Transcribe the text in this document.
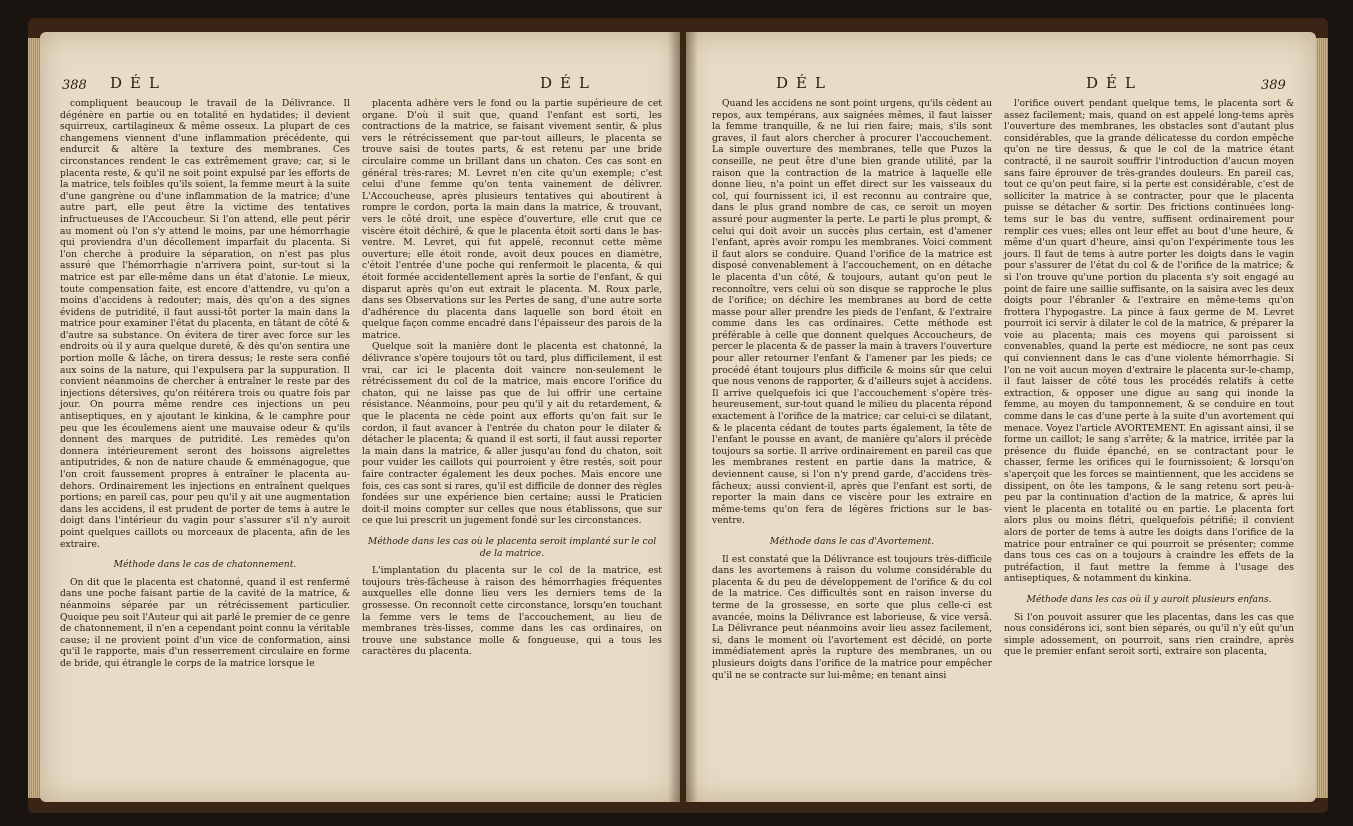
388 DÉL	DÉL

compliquent beaucoup le travail de la Délivrance. Il dégénère en partie ou en totalité en hydatides; il devient squirreux, cartilagineux & même osseux. La plupart de ces changemens viennent d'une inflammation précédente, qui endurcit & altère la texture des membranes. Ces circonstances rendent le cas extrêmement grave; car, si le placenta reste, & qu'il ne soit point expulsé par les efforts de la matrice, tels foibles qu'ils soient, la femme meurt à la suite d'une gangrène ou d'une inflammation de la matrice; d'une autre part, elle peut être la victime des tentatives infructueuses de l'Accoucheur. Si l'on attend, elle peut périr au moment où l'on s'y attend le moins, par une hémorrhagie qui proviendra d'un décollement imparfait du placenta. Si l'on cherche à produire la séparation, on n'est pas plus assuré que l'hémorrhagie n'arrivera point, sur-tout si la matrice est par elle-même dans un état d'atonie. Le mieux, toute compensation faite, est encore d'attendre, vu qu'on a moins d'accidens à redouter; mais, dès qu'on a des signes évidens de putridité, il faut aussi-tôt porter la main dans la matrice pour examiner l'état du placenta, en tâtant de côté & d'autre sa substance. On évitera de tirer avec force sur les endroits où il y aura quelque dureté, & dès qu'on sentira une portion molle & lâche, on tirera dessus; le reste sera confié aux soins de la nature, qui l'expulsera par la suppuration. Il convient néanmoins de chercher à entraîner le reste par des injections détersives, qu'on réitérera trois ou quatre fois par jour. On pourra même rendre ces injections un peu antiseptiques, en y ajoutant le kinkina, & le camphre pour peu que les écoulemens aient une mauvaise odeur & qu'ils donnent des marques de putridité. Les remèdes qu'on donnera intérieurement seront des boissons aigrelettes antiputrides, & non de nature chaude & emménagogue, que l'on croit faussement propres à entraîner le placenta au-dehors. Ordinairement les injections en entraînent quelques portions; en pareil cas, pour peu qu'il y ait une augmentation dans les accidens, il est prudent de porter de tems à autre le doigt dans l'intérieur du vagin pour s'assurer s'il n'y auroit point quelques caillots ou morceaux de placenta, afin de les extraire.

Méthode dans le cas de chatonnement.

On dit que le placenta est chatonné, quand il est renfermé dans une poche faisant partie de la cavité de la matrice, & néanmoins séparée par un rétrécissement particulier. Quoique peu soit l'Auteur qui ait parlé le premier de ce genre de chatonnement, il n'en a cependant point connu la véritable cause; il ne provient point d'un vice de conformation, ainsi qu'il le rapporte, mais d'un resserrement circulaire en forme de bride, qui étrangle le corps de la matrice lorsque le

placenta adhère vers le fond ou la partie supérieure de cet organe. D'où il suit que, quand l'enfant est sorti, les contractions de la matrice, se faisant vivement sentir, & plus vers le rétrécissement que par-tout ailleurs, le placenta se trouve saisi de toutes parts, & est retenu par une bride circulaire comme un brillant dans un chaton. Ces cas sont en général très-rares; M. Levret n'en cite qu'un exemple; c'est celui d'une femme qu'on tenta vainement de délivrer. L'Accoucheuse, après plusieurs tentatives qui aboutirent à rompre le cordon, porta la main dans la matrice, & trouvant, vers le côté droit, une espèce d'ouverture, elle crut que ce viscère étoit déchiré, & que le placenta étoit sorti dans le bas-ventre. M. Levret, qui fut appelé, reconnut cette même ouverture; elle étoit ronde, avoit deux pouces en diamètre, c'étoit l'entrée d'une poche qui renfermoit le placenta, & qui étoit formée accidentellement après la sortie de l'enfant, & qui disparut après qu'on eut extrait le placenta. M. Roux parle, dans ses Observations sur les Pertes de sang, d'une autre sorte d'adhérence du placenta dans laquelle son bord étoit en quelque façon comme encadré dans l'épaisseur des parois de la matrice.

Quelque soit la manière dont le placenta est chatonné, la délivrance s'opère toujours tôt ou tard, plus difficilement, il est vrai, car ici le placenta doit vaincre non-seulement le rétrécissement du col de la matrice, mais encore l'orifice du chaton, qui ne laisse pas que de lui offrir une certaine résistance. Néanmoins, pour peu qu'il y ait du retardement, & que le placenta ne cède point aux efforts qu'on fait sur le cordon, il faut avancer à l'entrée du chaton pour le dilater & détacher le placenta; & quand il est sorti, il faut aussi reporter la main dans la matrice, & aller jusqu'au fond du chaton, soit pour vuider les caillots qui pourroient y être restés, soit pour faire contracter également les deux poches. Mais encore une fois, ces cas sont si rares, qu'il est difficile de donner des règles fondées sur une expérience bien certaine; aussi le Praticien doit-il moins compter sur celles que nous établissons, que sur ce que lui prescrit un jugement fondé sur les circonstances.

Méthode dans les cas où le placenta seroit implanté sur le col de la matrice.

L'implantation du placenta sur le col de la matrice, est toujours très-fâcheuse à raison des hémorrhagies fréquentes auxquelles elle donne lieu vers les derniers tems de la grossesse. On reconnoît cette circonstance, lorsqu'en touchant la femme vers le tems de l'accouchement, au lieu de membranes très-lisses, comme dans les cas ordinaires, on trouve une substance molle & fongueuse, qui a tous les caractères du placenta.

DÉL	DÉL	389

Quand les accidens ne sont point urgens, qu'ils cèdent au repos, aux tempérans, aux saignées mêmes, il faut laisser la femme tranquille, & ne lui rien faire; mais, s'ils sont graves, il faut alors chercher à procurer l'accouchement. La simple ouverture des membranes, telle que Puzos la conseille, ne peut être d'une bien grande utilité, par la raison que la contraction de la matrice à laquelle elle donne lieu, n'a point un effet direct sur les vaisseaux du col, qui fournissent ici, il est reconnu au contraire que, dans le plus grand nombre de cas, ce seroit un moyen assuré pour augmenter la perte. Le parti le plus prompt, & celui qui doit avoir un succès plus certain, est d'amener l'enfant, après avoir rompu les membranes. Voici comment il faut alors se conduire. Quand l'orifice de la matrice est disposé convenablement à l'accouchement, on en détache le placenta d'un côté, & toujours, autant qu'on peut le reconnoître, vers celui où son disque se rapproche le plus de l'orifice; on déchire les membranes au bord de cette masse pour aller prendre les pieds de l'enfant, & l'extraire comme dans les cas ordinaires. Cette méthode est préférable à celle que donnent quelques Accoucheurs, de percer le placenta & de passer la main à travers l'ouverture pour aller retourner l'enfant & l'amener par les pieds; ce procédé étant toujours plus difficile & moins sûr que celui que nous venons de rapporter, & d'ailleurs sujet à accidens. Il arrive quelquefois ici que l'accouchement s'opère très-heureusement, sur-tout quand le milieu du placenta répond exactement à l'orifice de la matrice; car celui-ci se dilatant, & le placenta cédant de toutes parts également, la tête de l'enfant le pousse en avant, de manière qu'alors il précède toujours sa sortie. Il arrive ordinairement en pareil cas que les membranes restent en partie dans la matrice, & deviennent cause, si l'on n'y prend garde, d'accidens très-fâcheux; aussi convient-il, après que l'enfant est sorti, de reporter la main dans ce viscère pour les extraire en même-tems qu'on fera de légères frictions sur le bas-ventre.

Méthode dans le cas d'Avortement.

Il est constaté que la Délivrance est toujours très-difficile dans les avortemens à raison du volume considérable du placenta & du peu de développement de l'orifice & du col de la matrice. Ces difficultés sont en raison inverse du terme de la grossesse, en sorte que plus celle-ci est avancée, moins la Délivrance est laborieuse, & vice versâ. La Délivrance peut néanmoins avoir lieu assez facilement, si, dans le moment où l'avortement est décidé, on porte immédiatement après la rupture des membranes, un ou plusieurs doigts dans l'orifice de la matrice pour empêcher qu'il ne se contracte sur lui-même; en tenant ainsi

l'orifice ouvert pendant quelque tems, le placenta sort & assez facilement; mais, quand on est appelé long-tems après l'ouverture des membranes, les obstacles sont d'autant plus considérables, que la grande délicatesse du cordon empêche qu'on ne tire dessus, & que le col de la matrice étant contracté, il ne sauroit souffrir l'introduction d'aucun moyen sans faire éprouver de très-grandes douleurs. En pareil cas, tout ce qu'on peut faire, si la perte est considérable, c'est de solliciter la matrice à se contracter, pour que le placenta puisse se détacher & sortir. Des frictions continuées long-tems sur le bas du ventre, suffisent ordinairement pour remplir ces vues; elles ont leur effet au bout d'une heure, & même d'un quart d'heure, ainsi qu'on l'expérimente tous les jours. Il faut de tems à autre porter les doigts dans le vagin pour s'assurer de l'état du col & de l'orifice de la matrice; & si l'on trouve qu'une portion du placenta s'y soit engagé au point de faire une saillie suffisante, on la saisira avec les deux doigts pour l'ébranler & l'extraire en même-tems qu'on frottera l'hypogastre. La pince à faux germe de M. Levret pourroit ici servir à dilater le col de la matrice, & préparer la voie au placenta; mais ces moyens qui paroissent si convenables, quand la perte est médiocre, ne sont pas ceux qui conviennent dans le cas d'une violente hémorrhagie. Si l'on ne voit aucun moyen d'extraire le placenta sur-le-champ, il faut laisser de côté tous les procédés relatifs à cette extraction, & opposer une digue au sang qui inonde la femme, au moyen du tamponnement, & se conduire en tout comme dans le cas d'une perte à la suite d'un avortement qui menace. Voyez l'article AVORTEMENT. En agissant ainsi, il se forme un caillot; le sang s'arrête; & la matrice, irritée par la présence du fluide épanché, en se contractant pour le chasser, ferme les orifices qui le fournissoient; & lorsqu'on s'aperçoit que les forces se maintiennent, que les accidens se dissipent, on ôte les tampons, & le sang retenu sort peu-à-peu par la continuation d'action de la matrice, & après lui vient le placenta en totalité ou en partie. Le placenta fort alors plus ou moins flétri, quelquefois pétrifié; il convient alors de porter de tems à autre les doigts dans l'orifice de la matrice pour entraîner ce qui pourroit se présenter; comme dans tous ces cas on a toujours à craindre les effets de la putréfaction, il faut mettre la femme à l'usage des antiseptiques, & notamment du kinkina.

Méthode dans les cas où il y auroit plusieurs enfans.

Si l'on pouvoit assurer que les placentas, dans les cas que nous considérons ici, sont bien séparés, ou qu'il n'y eût qu'un simple adossement, on pourroit, sans rien craindre, après que le premier enfant seroit sorti, extraire son placenta,
